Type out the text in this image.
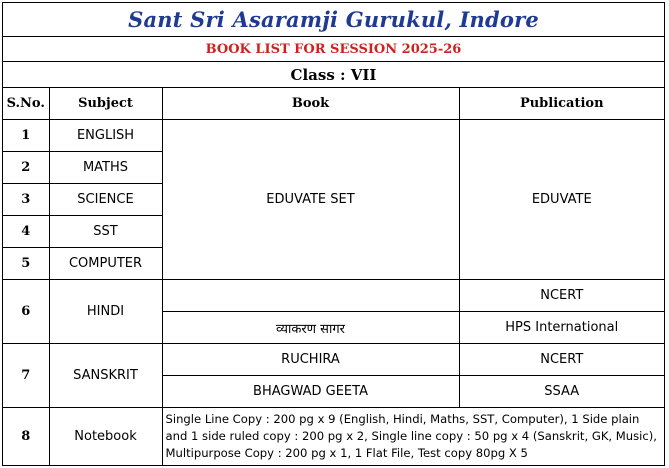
Sant Sri Asaramji Gurukul, Indore
BOOK LIST FOR SESSION 2025-26
Class : VII
S.No.	Subject	Book	Publication
1	ENGLISH	EDUVATE SET	EDUVATE
2	MATHS		
3	SCIENCE		
4	SST		
5	COMPUTER		
6	HINDI		NCERT
		व्याकरण सागर	HPS International
7	SANSKRIT	RUCHIRA	NCERT
		BHAGWAD GEETA	SSAA
8	Notebook	Single Line Copy : 200 pg x 9 (English, Hindi, Maths, SST, Computer), 1 Side plain and 1 side ruled copy : 200 pg x 2, Single line copy : 50 pg x 4 (Sanskrit, GK, Music), Multipurpose Copy : 200 pg x 1, 1 Flat File, Test copy 80pg X 5	
